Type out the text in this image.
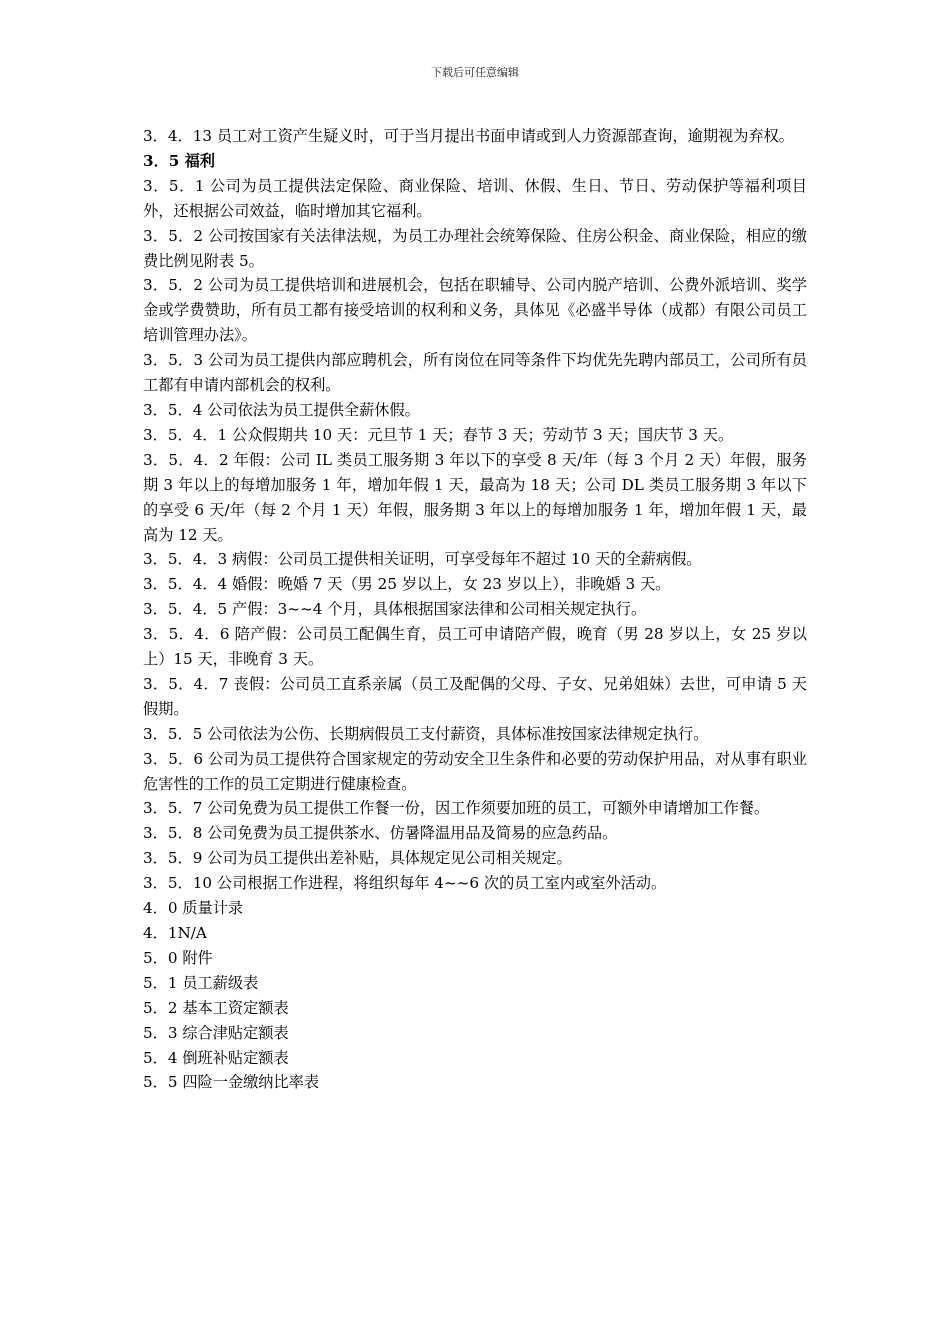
下载后可任意编辑

3．4．13 员工对工资产生疑义时，可于当月提出书面申请或到人力资源部查询，逾期视为弃权。

3．5 福利

3．5．1 公司为员工提供法定保险、商业保险、培训、休假、生日、节日、劳动保护等福利项目外，还根据公司效益，临时增加其它福利。

3．5．2 公司按国家有关法律法规，为员工办理社会统筹保险、住房公积金、商业保险，相应的缴费比例见附表 5。

3．5．2 公司为员工提供培训和进展机会，包括在职辅导、公司内脱产培训、公费外派培训、奖学金或学费赞助，所有员工都有接受培训的权利和义务，具体见《必盛半导体（成都）有限公司员工培训管理办法》。

3．5．3 公司为员工提供内部应聘机会，所有岗位在同等条件下均优先先聘内部员工，公司所有员工都有申请内部机会的权利。

3．5．4 公司依法为员工提供全薪休假。

3．5．4．1 公众假期共 10 天：元旦节 1 天；春节 3 天；劳动节 3 天；国庆节 3 天。

3．5．4．2 年假：公司 IL 类员工服务期 3 年以下的享受 8 天/年（每 3 个月 2 天）年假，服务期 3 年以上的每增加服务 1 年，增加年假 1 天，最高为 18 天；公司 DL 类员工服务期 3 年以下的享受 6 天/年（每 2 个月 1 天）年假，服务期 3 年以上的每增加服务 1 年，增加年假 1 天，最高为 12 天。

3．5．4．3 病假：公司员工提供相关证明，可享受每年不超过 10 天的全薪病假。

3．5．4．4 婚假：晚婚 7 天（男 25 岁以上，女 23 岁以上），非晚婚 3 天。

3．5．4．5 产假：3~~4 个月，具体根据国家法律和公司相关规定执行。

3．5．4．6 陪产假：公司员工配偶生育，员工可申请陪产假，晚育（男 28 岁以上，女 25 岁以上）15 天，非晚育 3 天。

3．5．4．7 丧假：公司员工直系亲属（员工及配偶的父母、子女、兄弟姐妹）去世，可申请 5 天假期。

3．5．5 公司依法为公伤、长期病假员工支付薪资，具体标准按国家法律规定执行。

3．5．6 公司为员工提供符合国家规定的劳动安全卫生条件和必要的劳动保护用品，对从事有职业危害性的工作的员工定期进行健康检查。

3．5．7 公司免费为员工提供工作餐一份，因工作须要加班的员工，可额外申请增加工作餐。

3．5．8 公司免费为员工提供茶水、仿暑降温用品及简易的应急药品。

3．5．9 公司为员工提供出差补贴，具体规定见公司相关规定。

3．5．10 公司根据工作进程，将组织每年 4~~6 次的员工室内或室外活动。

4．0 质量计录

4．1N/A

5．0 附件

5．1 员工薪级表

5．2 基本工资定额表

5．3 综合津贴定额表

5．4 倒班补贴定额表

5．5 四险一金缴纳比率表
